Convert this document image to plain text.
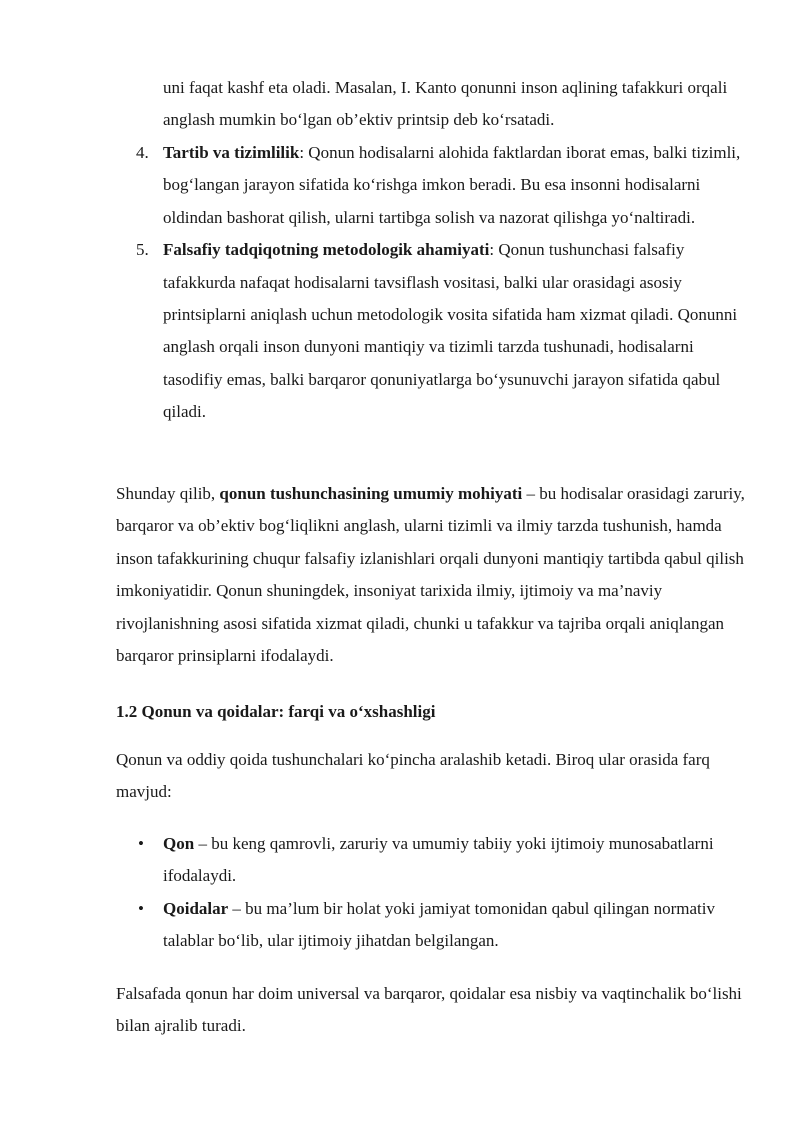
uni faqat kashf eta oladi. Masalan, I. Kanto qonunni inson aqlining tafakkuri orqali anglash mumkin bo‘lgan ob’ektiv printsip deb ko‘rsatadi.

4. Tartib va tizimlilik: Qonun hodisalarni alohida faktlardan iborat emas, balki tizimli, bog‘langan jarayon sifatida ko‘rishga imkon beradi. Bu esa insonni hodisalarni oldindan bashorat qilish, ularni tartibga solish va nazorat qilishga yo‘naltiradi.
5. Falsafiy tadqiqotning metodologik ahamiyati: Qonun tushunchasi falsafiy tafakkurda nafaqat hodisalarni tavsiflash vositasi, balki ular orasidagi asosiy printsiplarni aniqlash uchun metodologik vosita sifatida ham xizmat qiladi. Qonunni anglash orqali inson dunyoni mantiqiy va tizimli tarzda tushunadi, hodisalarni tasodifiy emas, balki barqaror qonuniyatlarga bo‘ysunuvchi jarayon sifatida qabul qiladi.

Shunday qilib, qonun tushunchasining umumiy mohiyati – bu hodisalar orasidagi zaruriy, barqaror va ob’ektiv bog‘liqlikni anglash, ularni tizimli va ilmiy tarzda tushunish, hamda inson tafakkurining chuqur falsafiy izlanishlari orqali dunyoni mantiqiy tartibda qabul qilish imkoniyatidir. Qonun shuningdek, insoniyat tarixida ilmiy, ijtimoiy va ma’naviy rivojlanishning asosi sifatida xizmat qiladi, chunki u tafakkur va tajriba orqali aniqlangan barqaror prinsiplarni ifodalaydi.

1.2 Qonun va qoidalar: farqi va o‘xshashligi

Qonun va oddiy qoida tushunchalari ko‘pincha aralashib ketadi. Biroq ular orasida farq mavjud:

• Qon – bu keng qamrovli, zaruriy va umumiy tabiiy yoki ijtimoiy munosabatlarni ifodalaydi.
• Qoidalar – bu ma’lum bir holat yoki jamiyat tomonidan qabul qilingan normativ talablar bo‘lib, ular ijtimoiy jihatdan belgilangan.

Falsafada qonun har doim universal va barqaror, qoidalar esa nisbiy va vaqtinchalik bo‘lishi bilan ajralib turadi.
